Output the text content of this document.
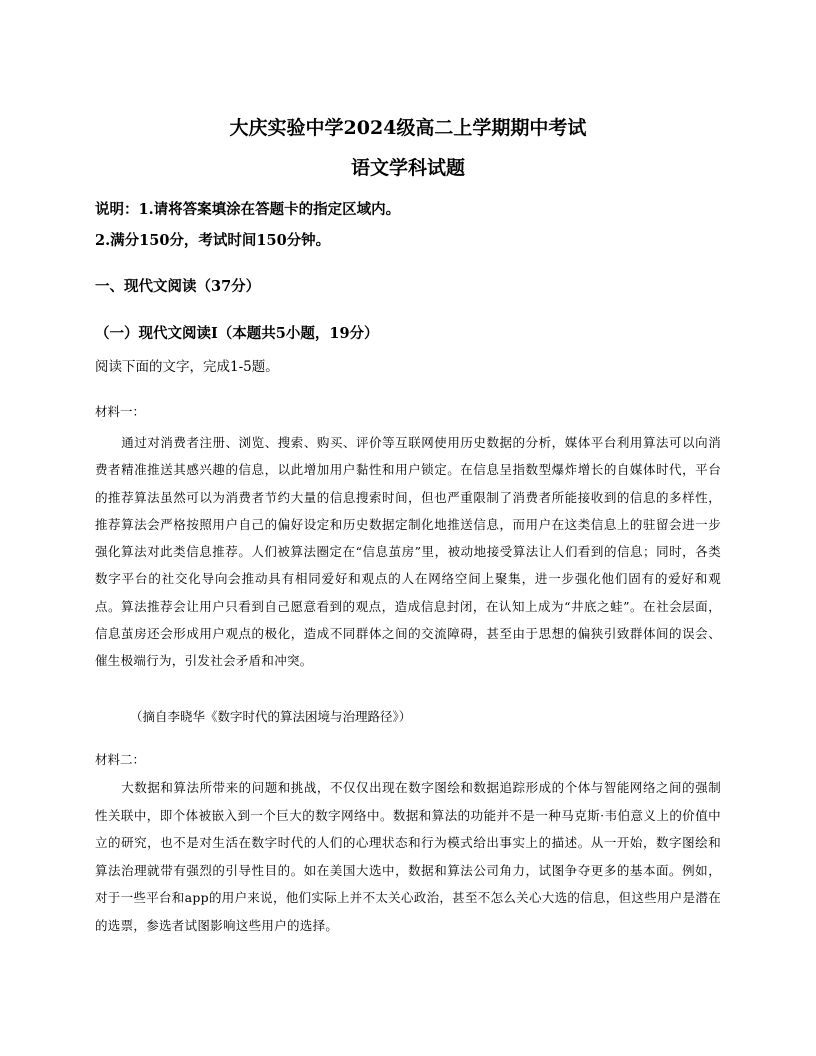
大庆实验中学2024级高二上学期期中考试
语文学科试题
说明：1.请将答案填涂在答题卡的指定区域内。
2.满分150分，考试时间150分钟。
一、现代文阅读（37分）
（一）现代文阅读I（本题共5小题，19分）
阅读下面的文字，完成1-5题。
材料一：
通过对消费者注册、浏览、搜索、购买、评价等互联网使用历史数据的分析，媒体平台利用算法可以向消费者精准推送其感兴趣的信息，以此增加用户黏性和用户锁定。在信息呈指数型爆炸增长的自媒体时代，平台的推荐算法虽然可以为消费者节约大量的信息搜索时间，但也严重限制了消费者所能接收到的信息的多样性，推荐算法会严格按照用户自己的偏好设定和历史数据定制化地推送信息，而用户在这类信息上的驻留会进一步强化算法对此类信息推荐。人们被算法圈定在“信息茧房”里，被动地接受算法让人们看到的信息；同时，各类数字平台的社交化导向会推动具有相同爱好和观点的人在网络空间上聚集，进一步强化他们固有的爱好和观点。算法推荐会让用户只看到自己愿意看到的观点，造成信息封闭，在认知上成为“井底之蛙”。在社会层面，信息茧房还会形成用户观点的极化，造成不同群体之间的交流障碍，甚至由于思想的偏狭引致群体间的误会、催生极端行为，引发社会矛盾和冲突。
（摘自李晓华《数字时代的算法困境与治理路径》）
材料二：
大数据和算法所带来的问题和挑战，不仅仅出现在数字图绘和数据追踪形成的个体与智能网络之间的强制性关联中，即个体被嵌入到一个巨大的数字网络中。数据和算法的功能并不是一种马克斯·韦伯意义上的价值中立的研究，也不是对生活在数字时代的人们的心理状态和行为模式给出事实上的描述。从一开始，数字图绘和算法治理就带有强烈的引导性目的。如在美国大选中，数据和算法公司角力，试图争夺更多的基本面。例如，对于一些平台和app的用户来说，他们实际上并不太关心政治，甚至不怎么关心大选的信息，但这些用户是潜在的选票，参选者试图影响这些用户的选择。
